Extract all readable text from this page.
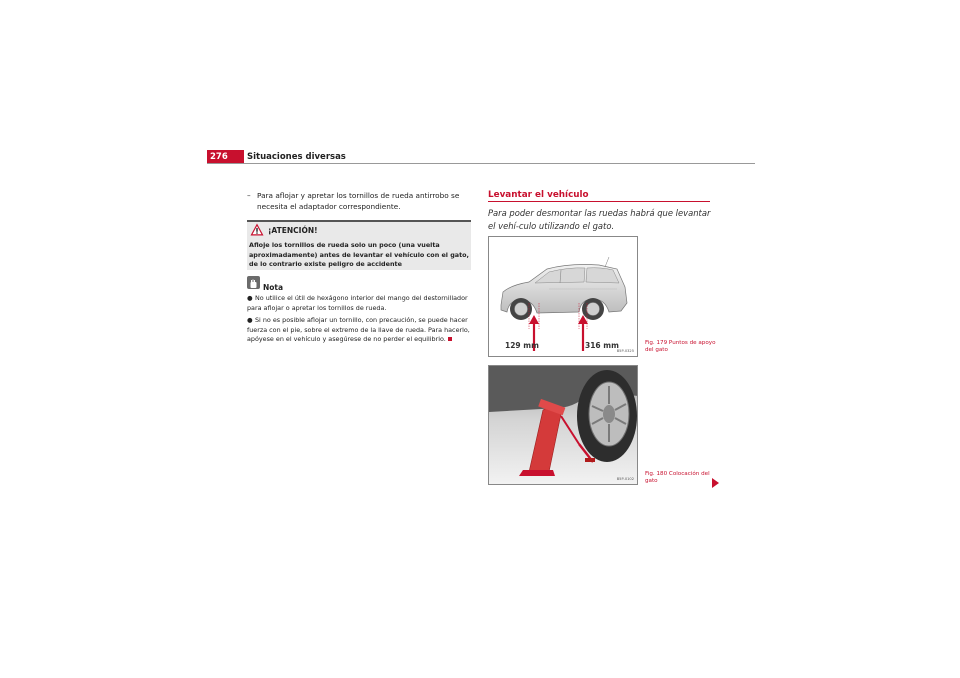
276	Situaciones diversas
– Para aflojar y apretar los tornillos de rueda antirrobo se necesita el adaptador correspondiente.
¡ATENCIÓN!
Afloje los tornillos de rueda solo un poco (una vuelta aproximadamente) antes de levantar el vehículo con el gato, de lo contrario existe peligro de accidente
Nota

● No utilice el útil de hexágono interior del mango del destornillador para aflojar o apretar los tornillos de rueda.

● Si no es posible aflojar un tornillo, con precaución, se puede hacer fuerza con el pie, sobre el extremo de la llave de rueda. Para hacerlo, apóyese en el vehículo y asegúrese de no perder el equilibrio.

Levantar el vehículo
Para poder desmontar las ruedas habrá que levantar el vehí-culo utilizando el gato.
129 mm	316 mm
B5P-0325
Fig. 179 Puntos de apoyo del gato
B5P-0102
Fig. 180 Colocación del gato
